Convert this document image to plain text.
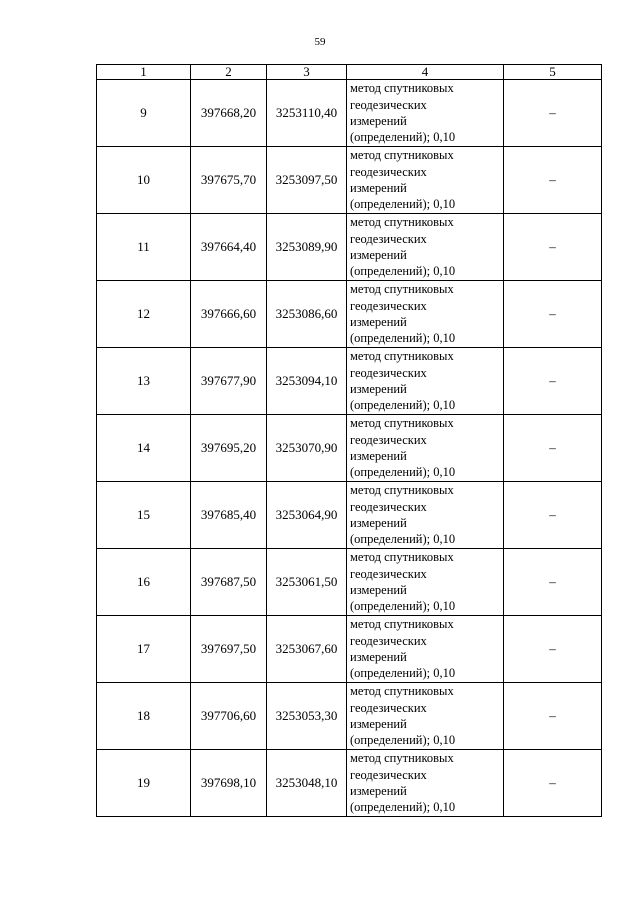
59
1	2	3	4	5
9	397668,20	3253110,40	метод спутниковых
геодезических
измерений
(определений); 0,10	–
10	397675,70	3253097,50	метод спутниковых
геодезических
измерений
(определений); 0,10	–
11	397664,40	3253089,90	метод спутниковых
геодезических
измерений
(определений); 0,10	–
12	397666,60	3253086,60	метод спутниковых
геодезических
измерений
(определений); 0,10	–
13	397677,90	3253094,10	метод спутниковых
геодезических
измерений
(определений); 0,10	–
14	397695,20	3253070,90	метод спутниковых
геодезических
измерений
(определений); 0,10	–
15	397685,40	3253064,90	метод спутниковых
геодезических
измерений
(определений); 0,10	–
16	397687,50	3253061,50	метод спутниковых
геодезических
измерений
(определений); 0,10	–
17	397697,50	3253067,60	метод спутниковых
геодезических
измерений
(определений); 0,10	–
18	397706,60	3253053,30	метод спутниковых
геодезических
измерений
(определений); 0,10	–
19	397698,10	3253048,10	метод спутниковых
геодезических
измерений
(определений); 0,10	–
